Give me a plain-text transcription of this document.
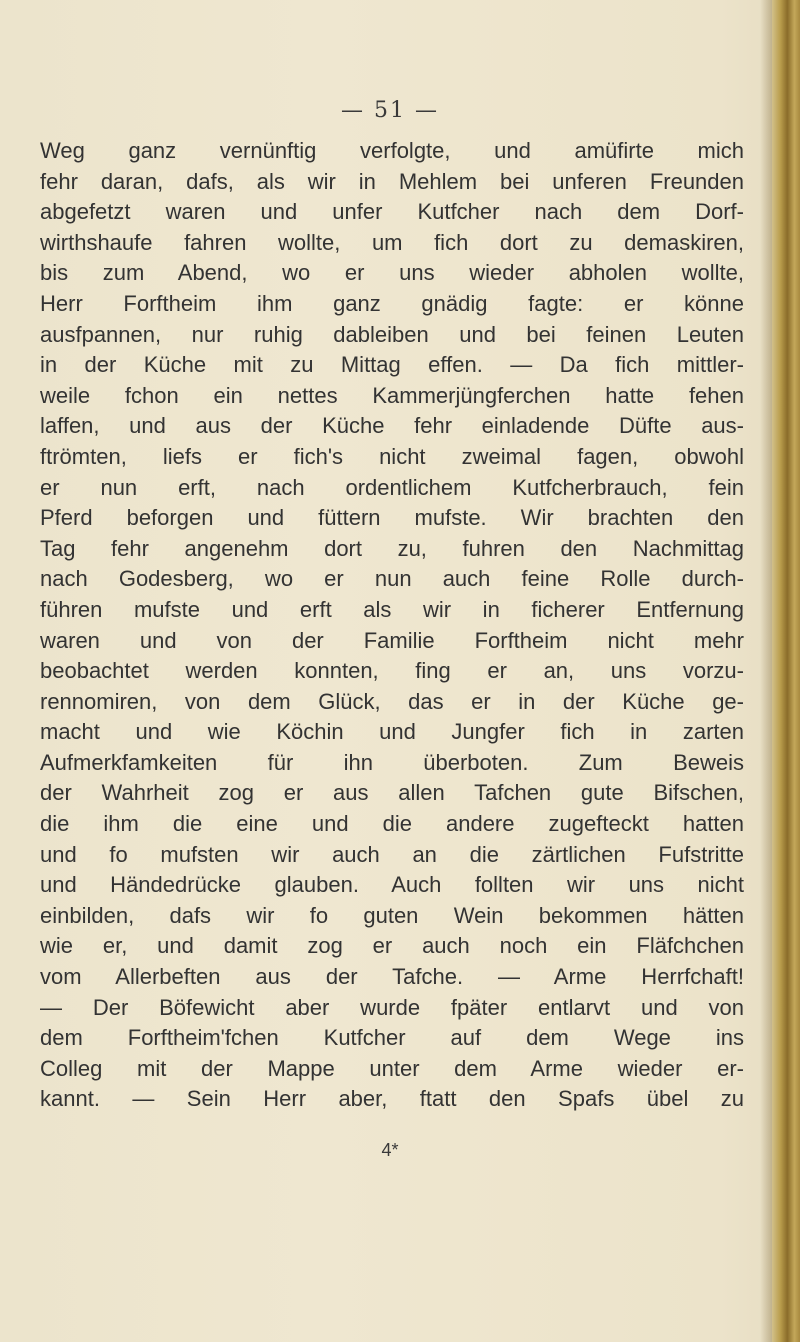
— 51 —
Weg ganz vernünftig verfolgte, und amüfirte mich
fehr daran, dafs, als wir in Mehlem bei unferen Freunden
abgefetzt waren und unfer Kutfcher nach dem Dorf-
wirthshaufe fahren wollte, um fich dort zu demaskiren,
bis zum Abend, wo er uns wieder abholen wollte,
Herr Forftheim ihm ganz gnädig fagte: er könne
ausfpannen, nur ruhig dableiben und bei feinen Leuten
in der Küche mit zu Mittag effen. — Da fich mittler-
weile fchon ein nettes Kammerjüngferchen hatte fehen
laffen, und aus der Küche fehr einladende Düfte aus-
ftrömten, liefs er fich's nicht zweimal fagen, obwohl
er nun erft, nach ordentlichem Kutfcherbrauch, fein
Pferd beforgen und füttern mufste. Wir brachten den
Tag fehr angenehm dort zu, fuhren den Nachmittag
nach Godesberg, wo er nun auch feine Rolle durch-
führen mufste und erft als wir in ficherer Entfernung
waren und von der Familie Forftheim nicht mehr
beobachtet werden konnten, fing er an, uns vorzu-
rennomiren, von dem Glück, das er in der Küche ge-
macht und wie Köchin und Jungfer fich in zarten
Aufmerkfamkeiten für ihn überboten. Zum Beweis
der Wahrheit zog er aus allen Tafchen gute Bifschen,
die ihm die eine und die andere zugefteckt hatten
und fo mufsten wir auch an die zärtlichen Fufstritte
und Händedrücke glauben. Auch follten wir uns nicht
einbilden, dafs wir fo guten Wein bekommen hätten
wie er, und damit zog er auch noch ein Fläfchchen
vom Allerbeften aus der Tafche. — Arme Herrfchaft!
— Der Böfewicht aber wurde fpäter entlarvt und von
dem Forftheim'fchen Kutfcher auf dem Wege ins
Colleg mit der Mappe unter dem Arme wieder er-
kannt. — Sein Herr aber, ftatt den Spafs übel zu
4*
